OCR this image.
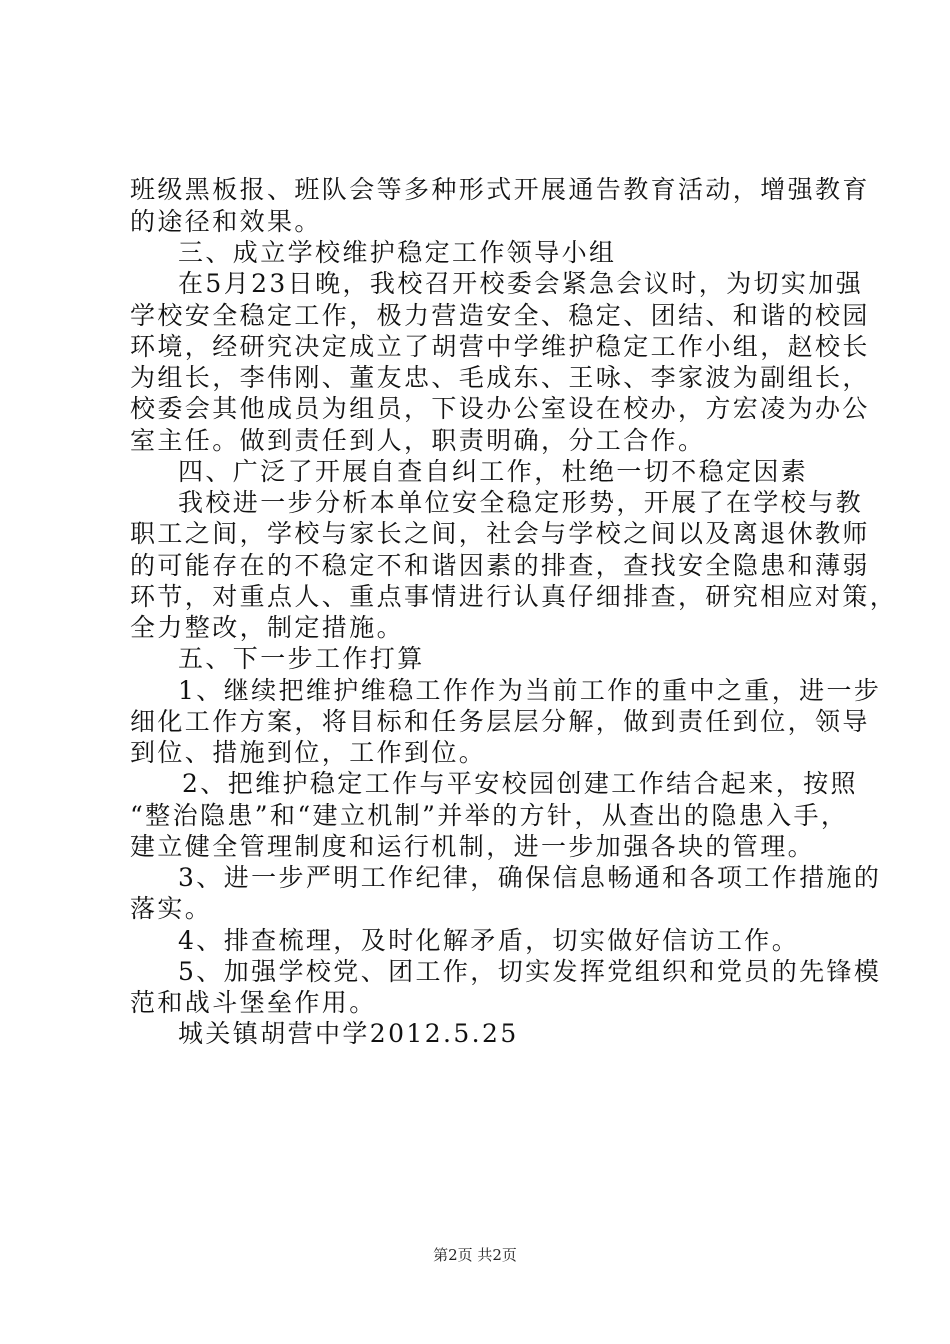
班级黑板报、班队会等多种形式开展通告教育活动，增强教育
的途径和效果。
三、成立学校维护稳定工作领导小组
在5月23日晚，我校召开校委会紧急会议时，为切实加强
学校安全稳定工作，极力营造安全、稳定、团结、和谐的校园
环境，经研究决定成立了胡营中学维护稳定工作小组，赵校长
为组长，李伟刚、董友忠、毛成东、王咏、李家波为副组长，
校委会其他成员为组员，下设办公室设在校办，方宏凌为办公
室主任。做到责任到人，职责明确，分工合作。
四、广泛了开展自查自纠工作，杜绝一切不稳定因素
我校进一步分析本单位安全稳定形势，开展了在学校与教
职工之间，学校与家长之间，社会与学校之间以及离退休教师
的可能存在的不稳定不和谐因素的排查，查找安全隐患和薄弱
环节，对重点人、重点事情进行认真仔细排查，研究相应对策，
全力整改，制定措施。
五、下一步工作打算
1、继续把维护维稳工作作为当前工作的重中之重，进一步
细化工作方案，将目标和任务层层分解，做到责任到位，领导
到位、措施到位，工作到位。
2、把维护稳定工作与平安校园创建工作结合起来，按照
“整治隐患”和“建立机制”并举的方针，从查出的隐患入手，
建立健全管理制度和运行机制，进一步加强各块的管理。
3、进一步严明工作纪律，确保信息畅通和各项工作措施的
落实。
4、排查梳理，及时化解矛盾，切实做好信访工作。
5、加强学校党、团工作，切实发挥党组织和党员的先锋模
范和战斗堡垒作用。
城关镇胡营中学2012.5.25
第2页 共2页
